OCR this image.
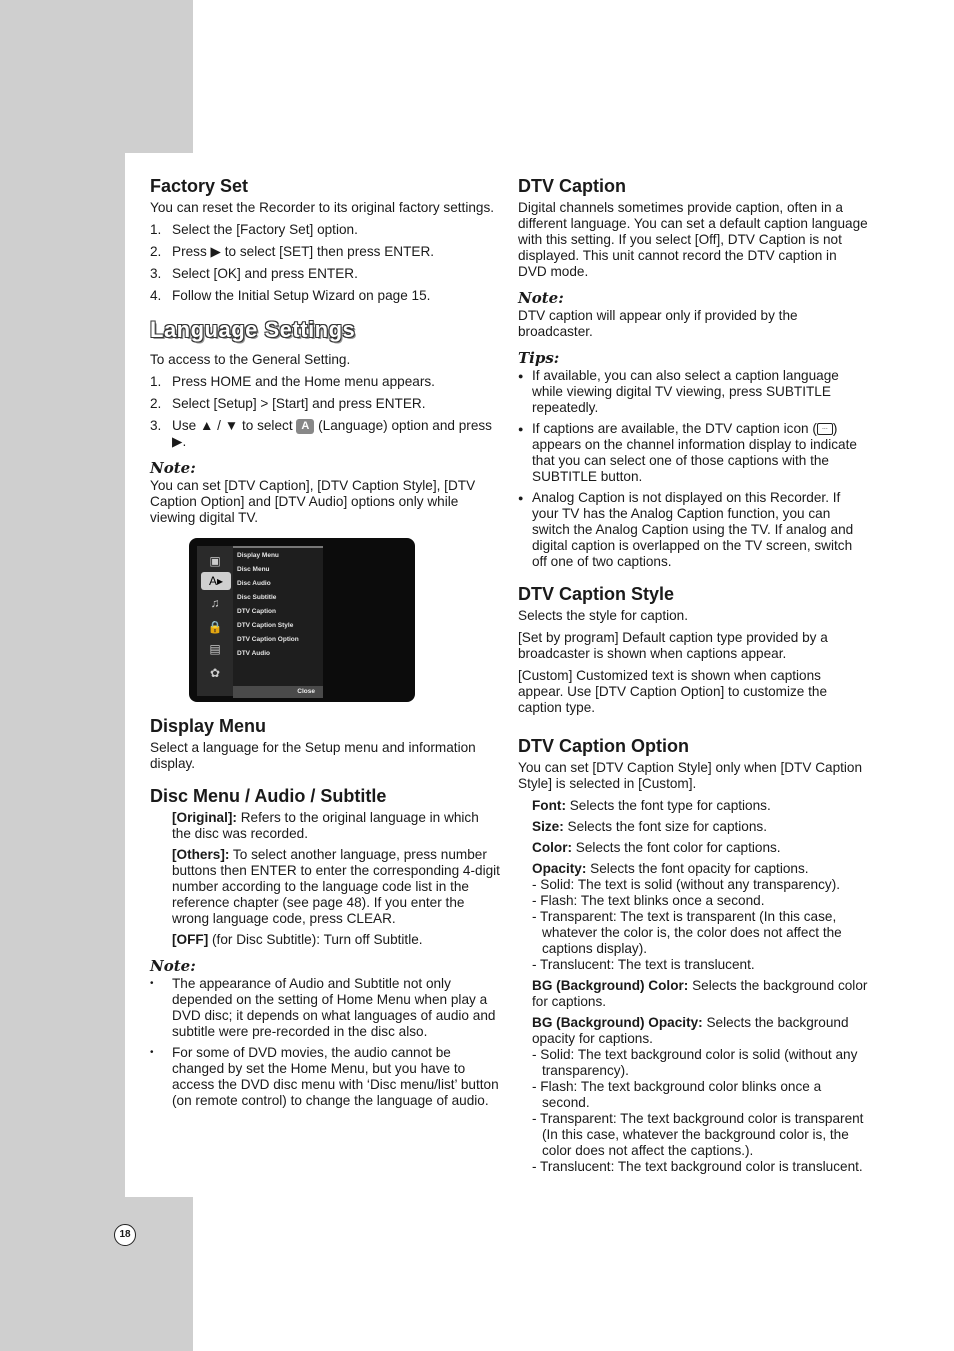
Factory Set

You can reset the Recorder to its original factory settings.

1. Select the [Factory Set] option.
2. Press ▶ to select [SET] then press ENTER.
3. Select [OK] and press ENTER.
4. Follow the Initial Setup Wizard on page 15.
Language Settings

To access to the General Setting.

1. Press HOME and the Home menu appears.
2. Select [Setup] > [Start] and press ENTER.
3. Use ▲ / ▼ to select A (Language) option and press ▶.
Note:

You can set [DTV Caption], [DTV Caption Style], [DTV Caption Option] and [DTV Audio] options only while viewing digital TV.

▣
A▸
♫
🔒
▤
✿
Display Menu
Disc Menu
Disc Audio
Disc Subtitle
DTV Caption
DTV Caption Style
DTV Caption Option
DTV Audio
Close
Display Menu

Select a language for the Setup menu and information display.

Disc Menu / Audio / Subtitle

[Original]: Refers to the original language in which the disc was recorded.

[Others]: To select another language, press number buttons then ENTER to enter the corresponding 4-digit number according to the language code list in the reference chapter (see page 48). If you enter the wrong language code, press CLEAR.

[OFF] (for Disc Subtitle): Turn off Subtitle.

Note:
• The appearance of Audio and Subtitle not only depended on the setting of Home Menu when play a DVD disc; it depends on what languages of audio and subtitle were pre-recorded in the disc also.
• For some of DVD movies, the audio cannot be changed by set the Home Menu, but you have to access the DVD disc menu with ‘Disc menu/list’ button (on remote control) to change the language of audio.
DTV Caption

Digital channels sometimes provide caption, often in a different language. You can set a default caption language with this setting. If you select [Off], DTV Caption is not displayed. This unit cannot record the DTV caption in DVD mode.

Note:

DTV caption will appear only if provided by the broadcaster.

Tips:
● If available, you can also select a caption language while viewing digital TV viewing, press SUBTITLE repeatedly.
● If captions are available, the DTV caption icon ( ... ) appears on the channel information display to indicate that you can select one of those captions with the SUBTITLE button.
● Analog Caption is not displayed on this Recorder. If your TV has the Analog Caption function, you can switch the Analog Caption using the TV. If analog and digital caption is overlapped on the TV screen, switch off one of two captions.
DTV Caption Style

Selects the style for caption.

[Set by program] Default caption type provided by a broadcaster is shown when captions appear.

[Custom] Customized text is shown when captions appear. Use [DTV Caption Option] to customize the caption type.

DTV Caption Option

You can set [DTV Caption Style] only when [DTV Caption Style] is selected in [Custom].

Font: Selects the font type for captions.

Size: Selects the font size for captions.

Color: Selects the font color for captions.

Opacity: Selects the font opacity for captions.

- Solid: The text is solid (without any transparency).

- Flash: The text blinks once a second.

- Transparent: The text is transparent (In this case, whatever the color is, the color does not affect the captions display).

- Translucent: The text is translucent.

BG (Background) Color: Selects the background color for captions.

BG (Background) Opacity: Selects the background opacity for captions.

- Solid: The text background color is solid (without any transparency).

- Flash: The text background color blinks once a second.

- Transparent: The text background color is transparent (In this case, whatever the background color is, the color does not affect the captions.).

- Translucent: The text background color is translucent.

18
